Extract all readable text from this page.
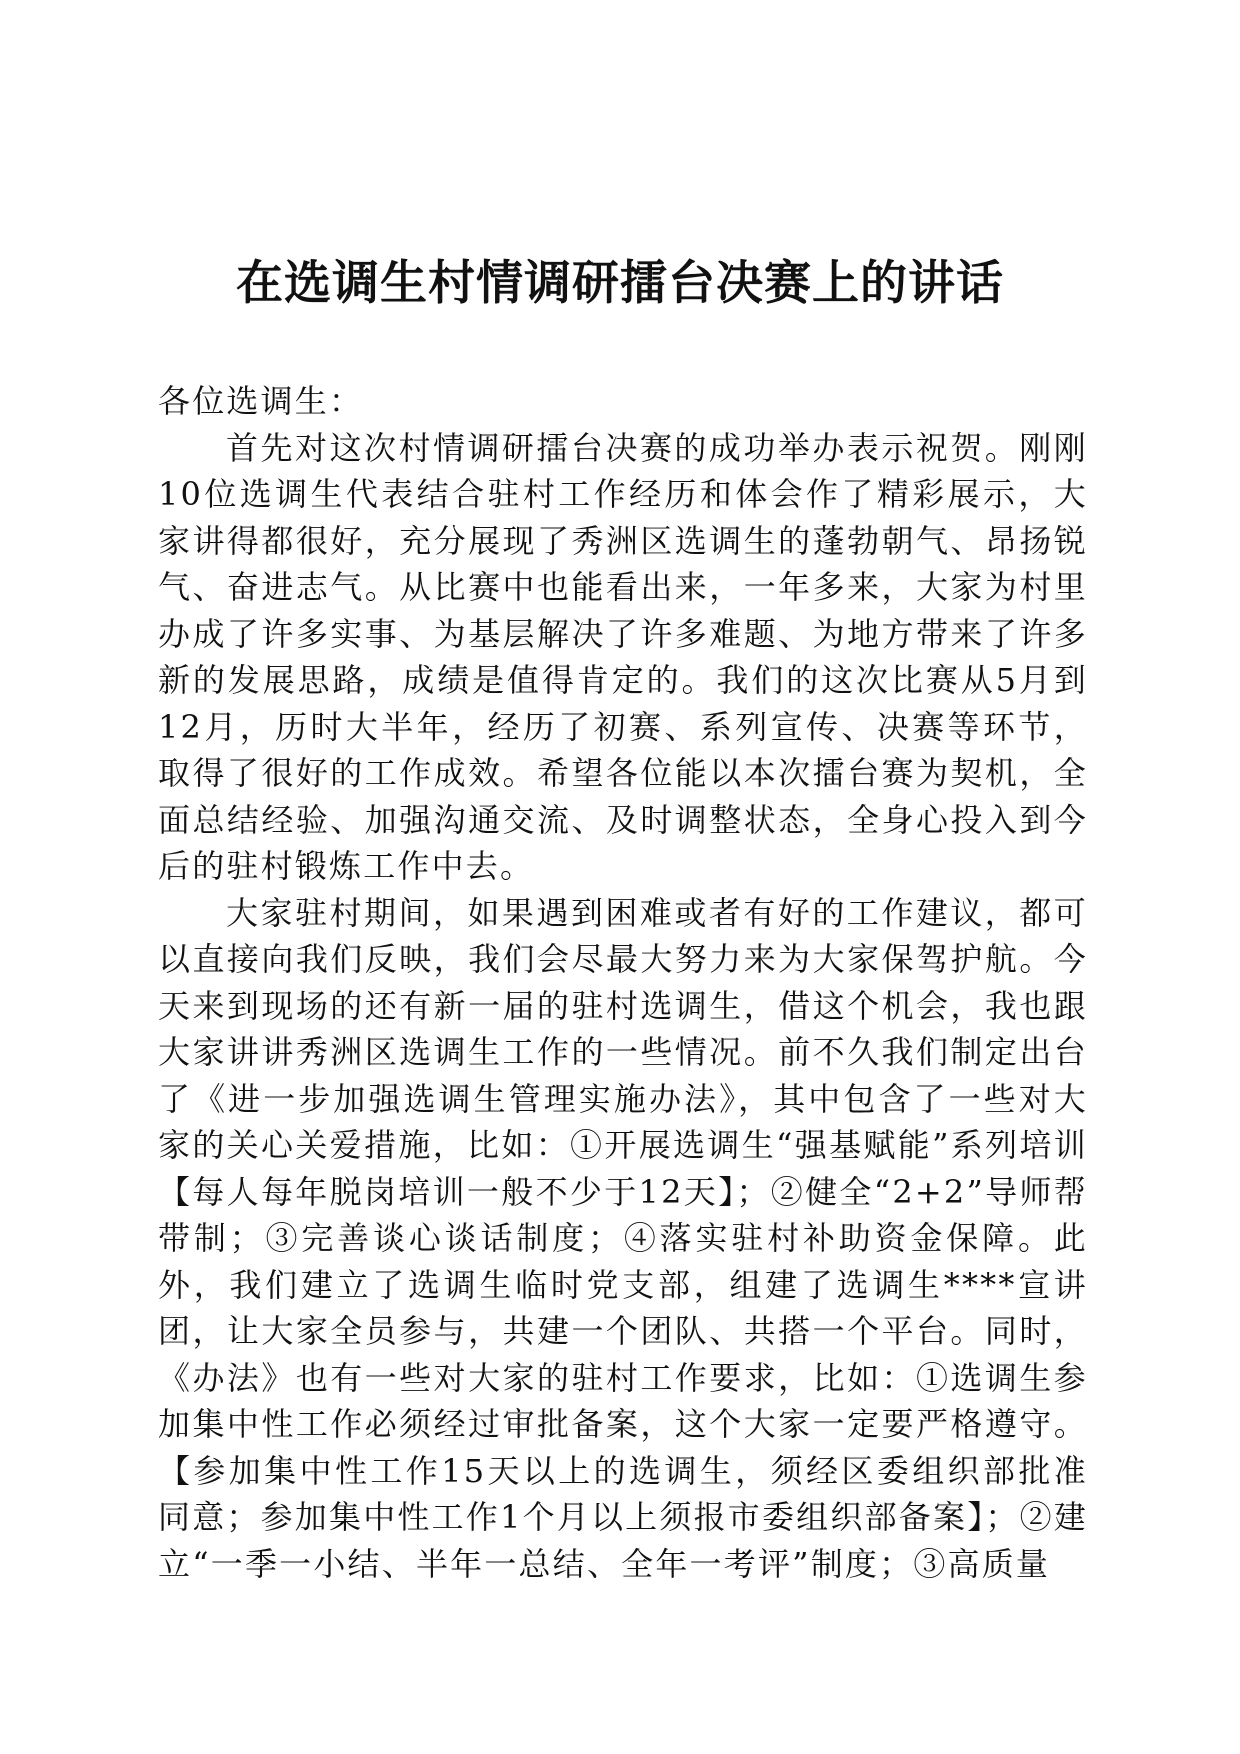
在选调生村情调研擂台决赛上的讲话

各位选调生：

首先对这次村情调研擂台决赛的成功举办表示祝贺。刚刚10位选调生代表结合驻村工作经历和体会作了精彩展示，大家讲得都很好，充分展现了秀洲区选调生的蓬勃朝气、昂扬锐气、奋进志气。从比赛中也能看出来，一年多来，大家为村里办成了许多实事、为基层解决了许多难题、为地方带来了许多新的发展思路，成绩是值得肯定的。我们的这次比赛从5月到12月，历时大半年，经历了初赛、系列宣传、决赛等环节，取得了很好的工作成效。希望各位能以本次擂台赛为契机，全面总结经验、加强沟通交流、及时调整状态，全身心投入到今后的驻村锻炼工作中去。

大家驻村期间，如果遇到困难或者有好的工作建议，都可以直接向我们反映，我们会尽最大努力来为大家保驾护航。今天来到现场的还有新一届的驻村选调生，借这个机会，我也跟大家讲讲秀洲区选调生工作的一些情况。前不久我们制定出台了《进一步加强选调生管理实施办法》，其中包含了一些对大家的关心关爱措施，比如：①开展选调生“强基赋能”系列培训【每人每年脱岗培训一般不少于12天】；②健全“2+2”导师帮带制；③完善谈心谈话制度；④落实驻村补助资金保障。此外，我们建立了选调生临时党支部，组建了选调生****宣讲团，让大家全员参与，共建一个团队、共搭一个平台。同时，《办法》也有一些对大家的驻村工作要求，比如：①选调生参加集中性工作必须经过审批备案，这个大家一定要严格遵守。【参加集中性工作15天以上的选调生，须经区委组织部批准同意；参加集中性工作1个月以上须报市委组织部备案】；②建立“一季一小结、半年一总结、全年一考评”制度；③高质量
